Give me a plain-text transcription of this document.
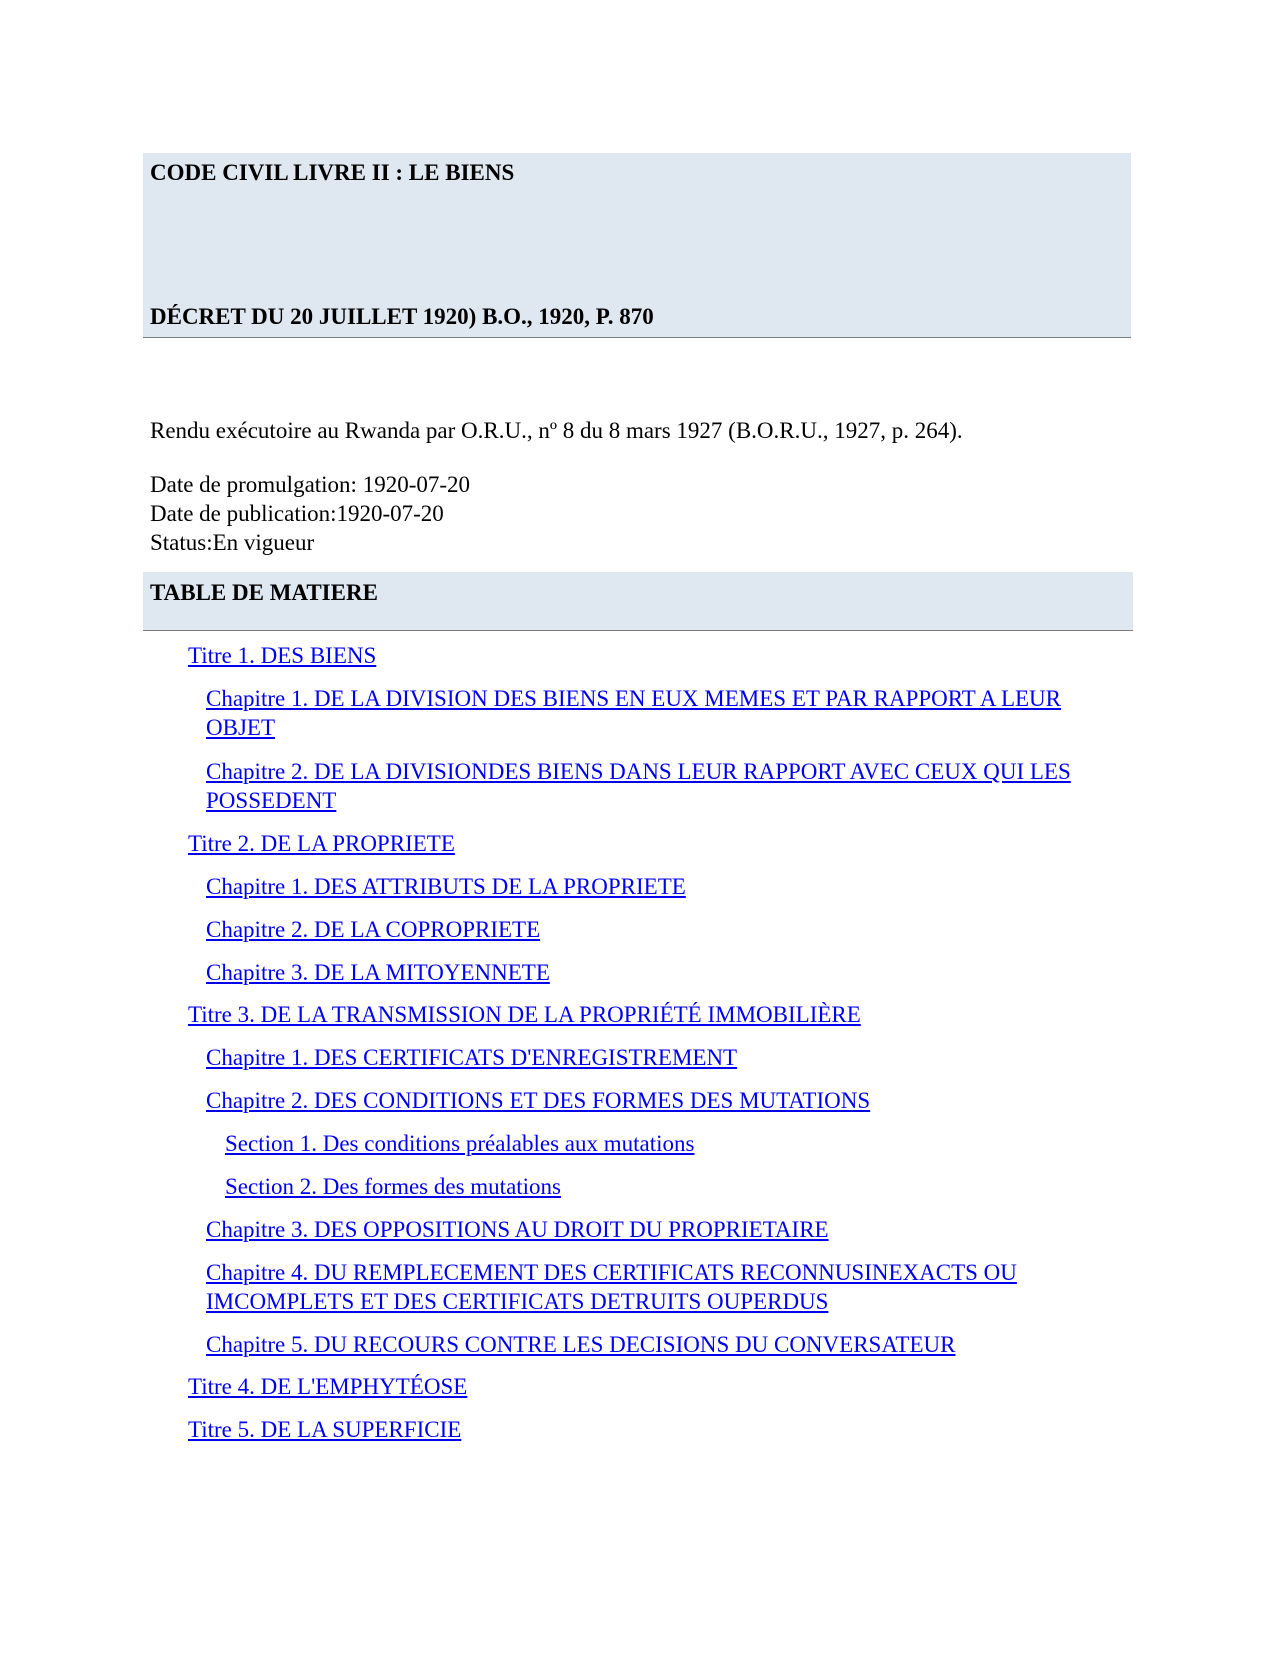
CODE CIVIL LIVRE II : LE BIENS
DÉCRET DU 20 JUILLET 1920) B.O., 1920, P. 870
Rendu exécutoire au Rwanda par O.R.U., nº 8 du 8 mars 1927 (B.O.R.U., 1927, p. 264).
Date de promulgation: 1920-07-20
Date de publication:1920-07-20
Status:En vigueur
TABLE DE MATIERE
Titre 1. DES BIENS
Chapitre 1. DE LA DIVISION DES BIENS EN EUX MEMES ET PAR RAPPORT A LEUR OBJET
Chapitre 2. DE LA DIVISIONDES BIENS DANS LEUR RAPPORT AVEC CEUX QUI LES POSSEDENT
Titre 2. DE LA PROPRIETE
Chapitre 1. DES ATTRIBUTS DE LA PROPRIETE
Chapitre 2. DE LA COPROPRIETE
Chapitre 3. DE LA MITOYENNETE
Titre 3. DE LA TRANSMISSION DE LA PROPRIÉTÉ IMMOBILIÈRE
Chapitre 1. DES CERTIFICATS D'ENREGISTREMENT
Chapitre 2. DES CONDITIONS ET DES FORMES DES MUTATIONS
Section 1. Des conditions préalables aux mutations
Section 2. Des formes des mutations
Chapitre 3. DES OPPOSITIONS AU DROIT DU PROPRIETAIRE
Chapitre 4. DU REMPLECEMENT DES CERTIFICATS RECONNUSINEXACTS OU IMCOMPLETS ET DES CERTIFICATS DETRUITS OUPERDUS
Chapitre 5. DU RECOURS CONTRE LES DECISIONS DU CONVERSATEUR
Titre 4. DE L'EMPHYTÉOSE
Titre 5. DE LA SUPERFICIE
